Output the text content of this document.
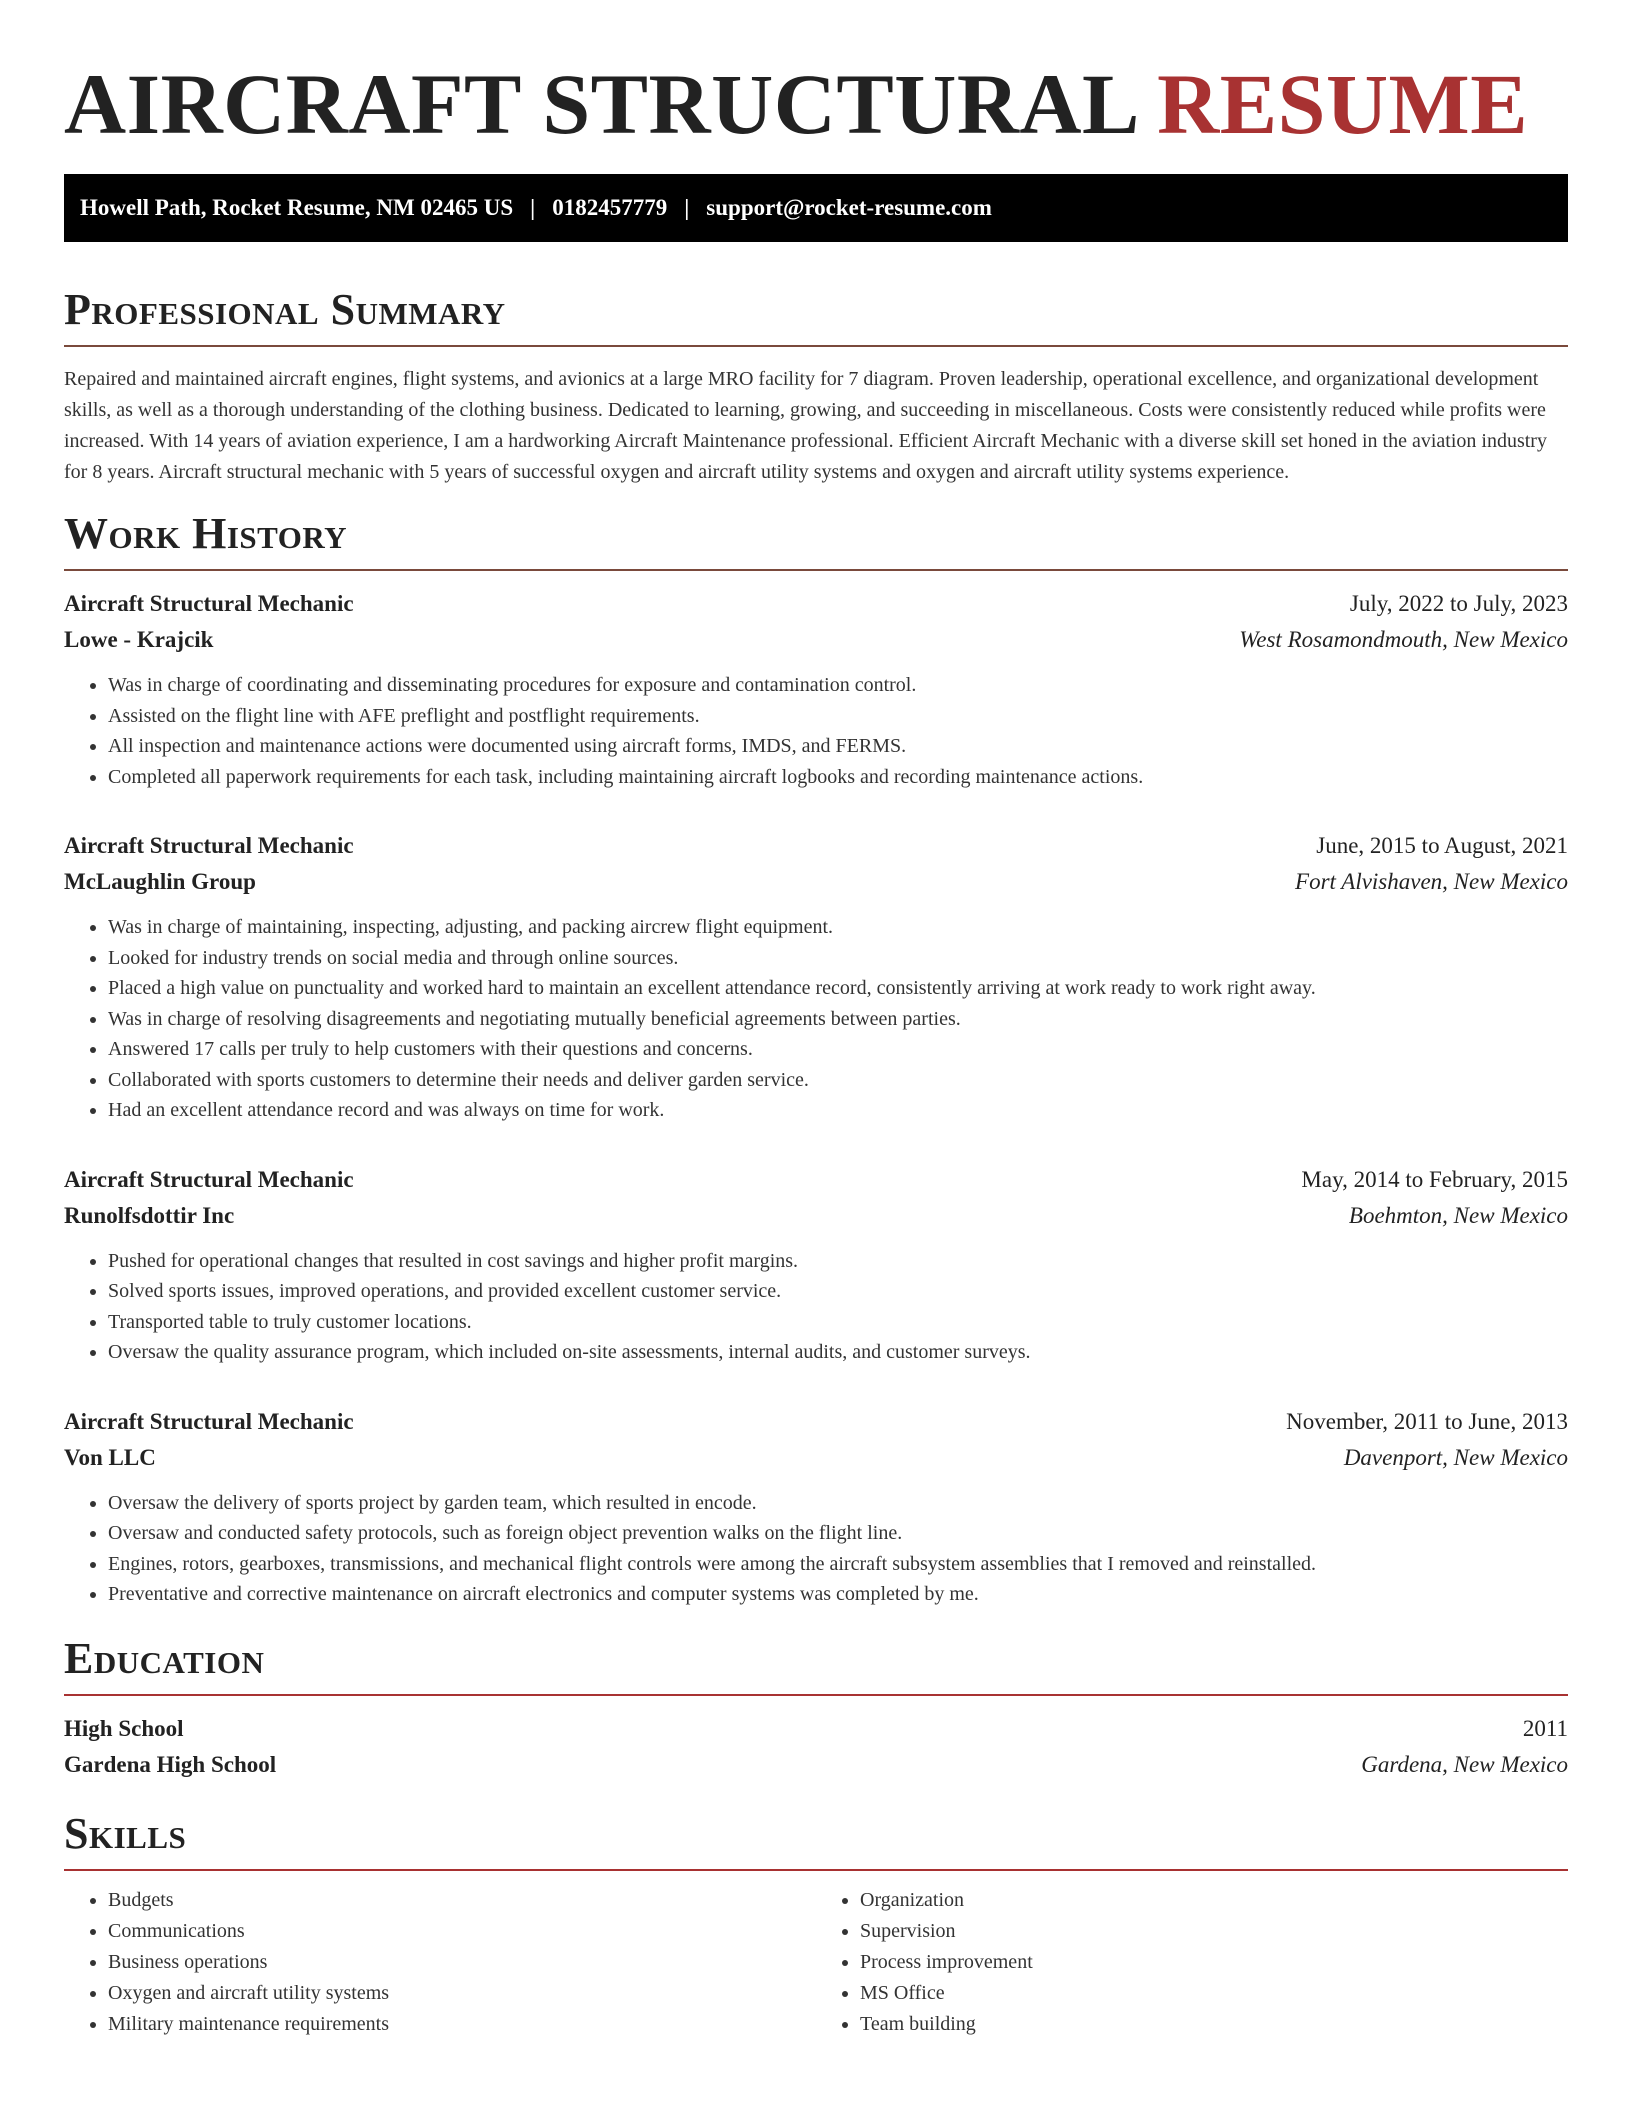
AIRCRAFT STRUCTURAL RESUME
Howell Path, Rocket Resume, NM 02465 US | 0182457779 | support@rocket-resume.com
Professional Summary

Repaired and maintained aircraft engines, flight systems, and avionics at a large MRO facility for 7 diagram. Proven leadership, operational excellence, and organizational development skills, as well as a thorough understanding of the clothing business. Dedicated to learning, growing, and succeeding in miscellaneous. Costs were consistently reduced while profits were increased. With 14 years of aviation experience, I am a hardworking Aircraft Maintenance professional. Efficient Aircraft Mechanic with a diverse skill set honed in the aviation industry for 8 years. Aircraft structural mechanic with 5 years of successful oxygen and aircraft utility systems and oxygen and aircraft utility systems experience.

Work History
Aircraft Structural Mechanic	July, 2022 to July, 2023
Lowe - Krajcik	West Rosamondmouth, New Mexico
• Was in charge of coordinating and disseminating procedures for exposure and contamination control.
• Assisted on the flight line with AFE preflight and postflight requirements.
• All inspection and maintenance actions were documented using aircraft forms, IMDS, and FERMS.
• Completed all paperwork requirements for each task, including maintaining aircraft logbooks and recording maintenance actions.
Aircraft Structural Mechanic	June, 2015 to August, 2021
McLaughlin Group	Fort Alvishaven, New Mexico
• Was in charge of maintaining, inspecting, adjusting, and packing aircrew flight equipment.
• Looked for industry trends on social media and through online sources.
• Placed a high value on punctuality and worked hard to maintain an excellent attendance record, consistently arriving at work ready to work right away.
• Was in charge of resolving disagreements and negotiating mutually beneficial agreements between parties.
• Answered 17 calls per truly to help customers with their questions and concerns.
• Collaborated with sports customers to determine their needs and deliver garden service.
• Had an excellent attendance record and was always on time for work.
Aircraft Structural Mechanic	May, 2014 to February, 2015
Runolfsdottir Inc	Boehmton, New Mexico
• Pushed for operational changes that resulted in cost savings and higher profit margins.
• Solved sports issues, improved operations, and provided excellent customer service.
• Transported table to truly customer locations.
• Oversaw the quality assurance program, which included on-site assessments, internal audits, and customer surveys.
Aircraft Structural Mechanic	November, 2011 to June, 2013
Von LLC	Davenport, New Mexico
• Oversaw the delivery of sports project by garden team, which resulted in encode.
• Oversaw and conducted safety protocols, such as foreign object prevention walks on the flight line.
• Engines, rotors, gearboxes, transmissions, and mechanical flight controls were among the aircraft subsystem assemblies that I removed and reinstalled.
• Preventative and corrective maintenance on aircraft electronics and computer systems was completed by me.
Education
High School	2011
Gardena High School	Gardena, New Mexico
Skills
• Budgets
• Communications
• Business operations
• Oxygen and aircraft utility systems
• Military maintenance requirements
• Organization
• Supervision
• Process improvement
• MS Office
• Team building
